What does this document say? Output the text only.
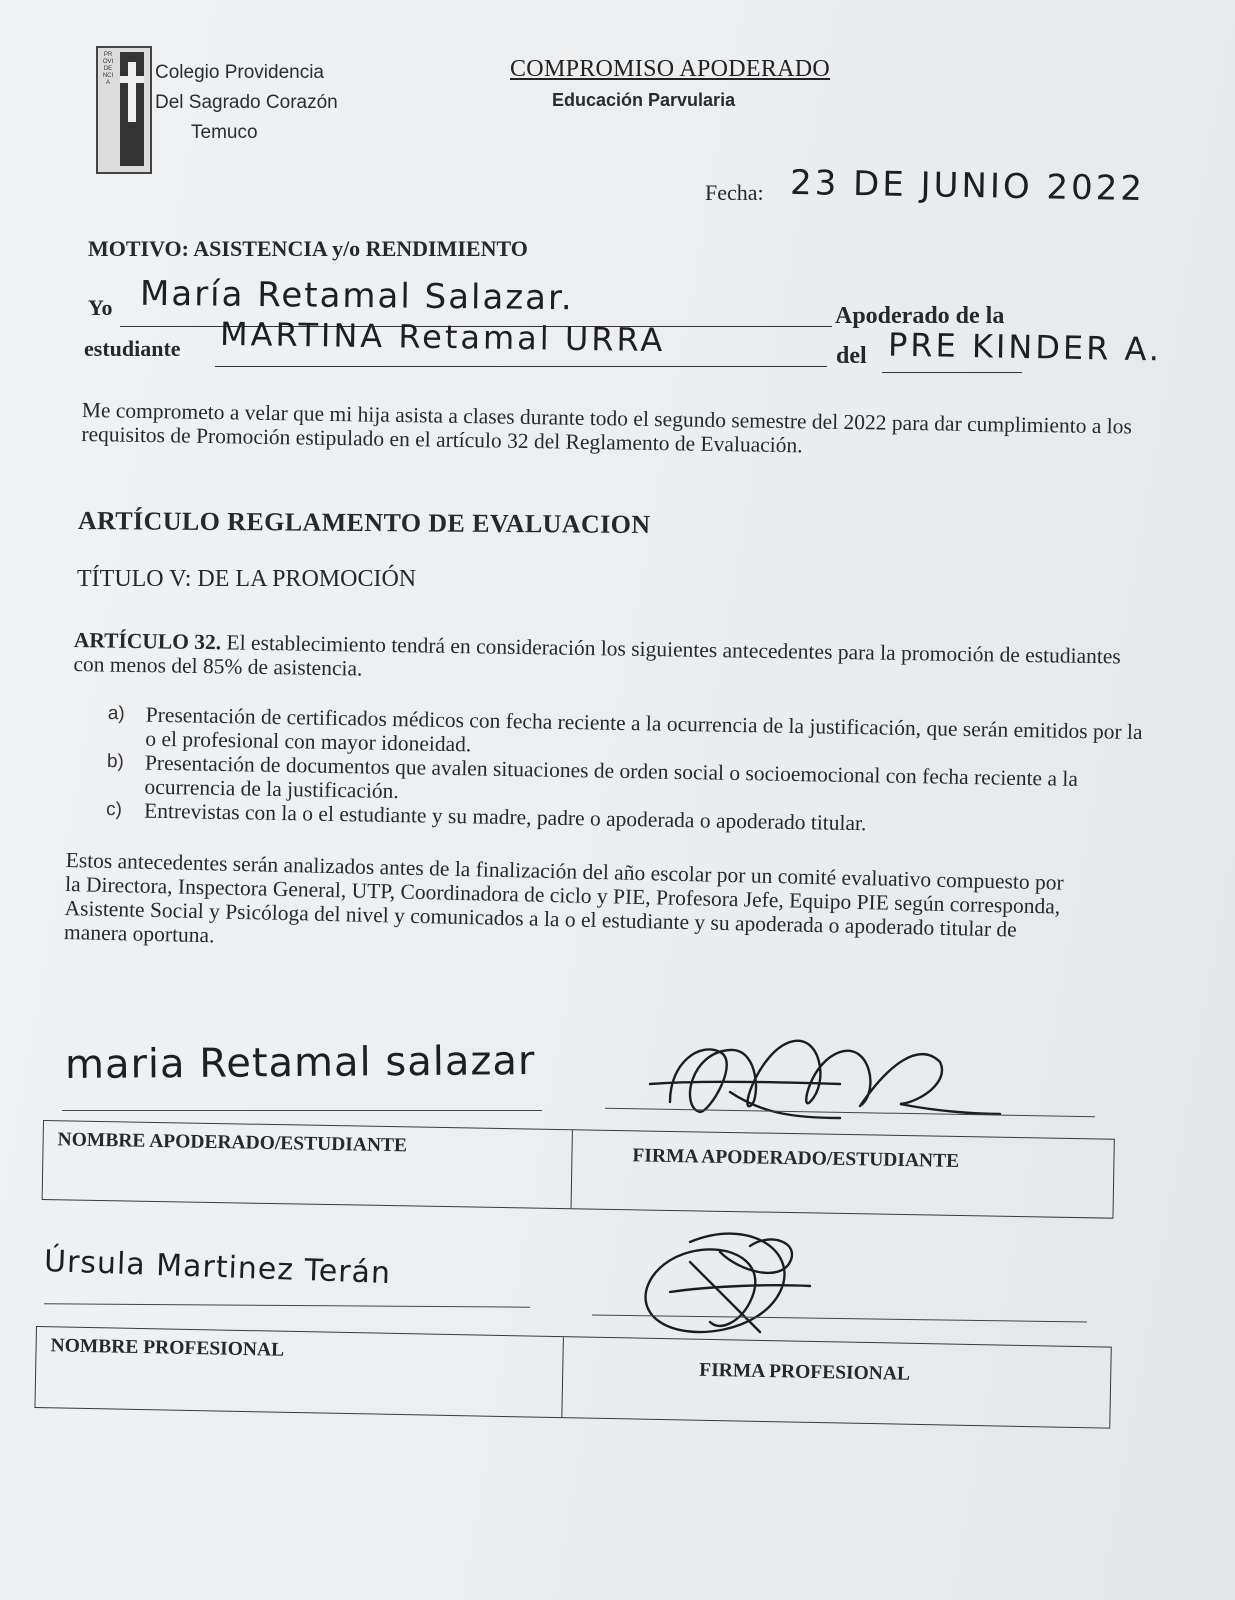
PROVIDENCIA Colegio Providencia
Del Sagrado Corazón
Temuco
COMPROMISO APODERADO
Educación Parvularia
Fecha: 23 DE JUNIO 2022
MOTIVO: ASISTENCIA y/o RENDIMIENTO
Yo María Retamal Salazar.	Apoderado de la
estudiante MARTINA Retamal URRA	del PRE KINDER A.
Me comprometo a velar que mi hija asista a clases durante todo el segundo semestre del 2022 para dar cumplimiento a los requisitos de Promoción estipulado en el artículo 32 del Reglamento de Evaluación.
ARTÍCULO REGLAMENTO DE EVALUACION
TÍTULO V: DE LA PROMOCIÓN
ARTÍCULO 32. El establecimiento tendrá en consideración los siguientes antecedentes para la promoción de estudiantes con menos del 85% de asistencia.
a) Presentación de certificados médicos con fecha reciente a la ocurrencia de la justificación, que serán emitidos por la o el profesional con mayor idoneidad.
b) Presentación de documentos que avalen situaciones de orden social o socioemocional con fecha reciente a la ocurrencia de la justificación.
c)	Entrevistas con la o el estudiante y su madre, padre o apoderada o apoderado titular.
Estos antecedentes serán analizados antes de la finalización del año escolar por un comité evaluativo compuesto por la Directora, Inspectora General, UTP, Coordinadora de ciclo y PIE, Profesora Jefe, Equipo PIE según corresponda, Asistente Social y Psicóloga del nivel y comunicados a la o el estudiante y su apoderada o apoderado titular de manera oportuna.
maria Retamal salazar
NOMBRE APODERADO/ESTUDIANTE
FIRMA APODERADO/ESTUDIANTE
Úrsula Martinez Terán
NOMBRE PROFESIONAL
FIRMA PROFESIONAL
